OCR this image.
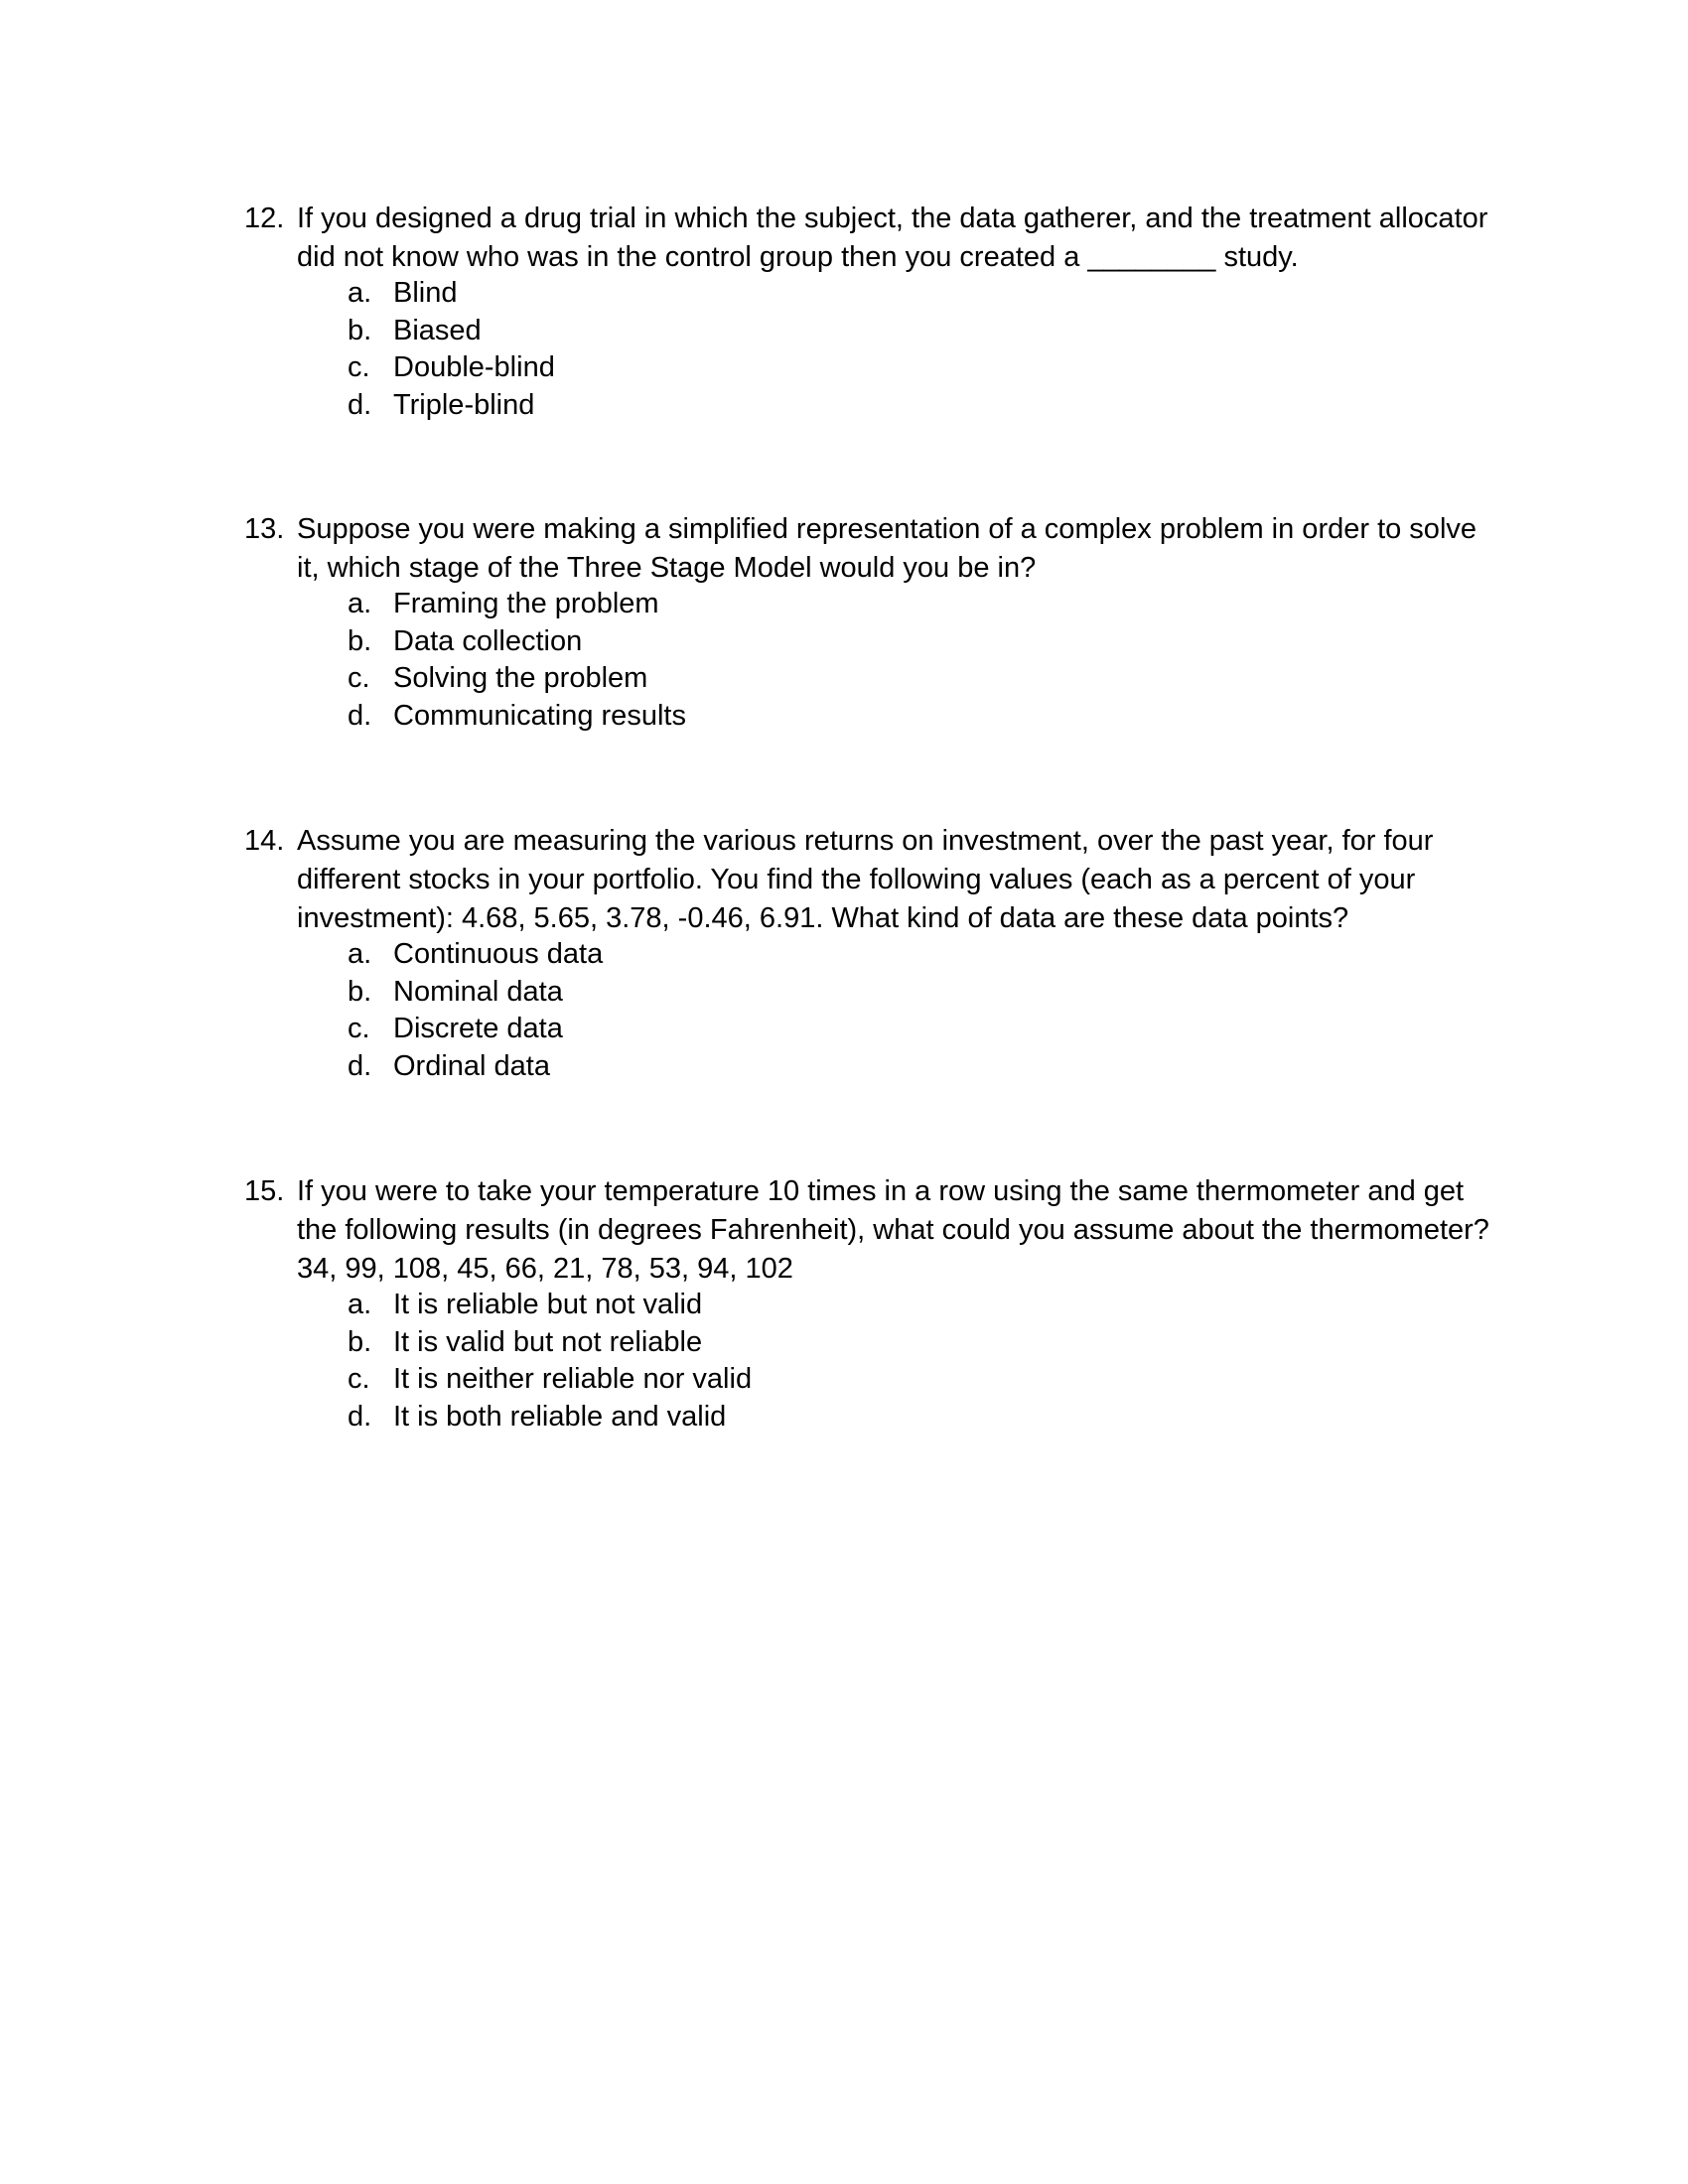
12. If you designed a drug trial in which the subject, the data gatherer, and the treatment allocator did not know who was in the control group then you created a ________ study.
a. Blind
b. Biased
c. Double-blind
d. Triple-blind
13. Suppose you were making a simplified representation of a complex problem in order to solve it, which stage of the Three Stage Model would you be in?
a. Framing the problem
b. Data collection
c. Solving the problem
d. Communicating results
14. Assume you are measuring the various returns on investment, over the past year, for four different stocks in your portfolio. You find the following values (each as a percent of your investment): 4.68, 5.65, 3.78, -0.46, 6.91. What kind of data are these data points?
a. Continuous data
b. Nominal data
c. Discrete data
d. Ordinal data
15. If you were to take your temperature 10 times in a row using the same thermometer and get the following results (in degrees Fahrenheit), what could you assume about the thermometer? 34, 99, 108, 45, 66, 21, 78, 53, 94, 102
a. It is reliable but not valid
b. It is valid but not reliable
c. It is neither reliable nor valid
d. It is both reliable and valid
